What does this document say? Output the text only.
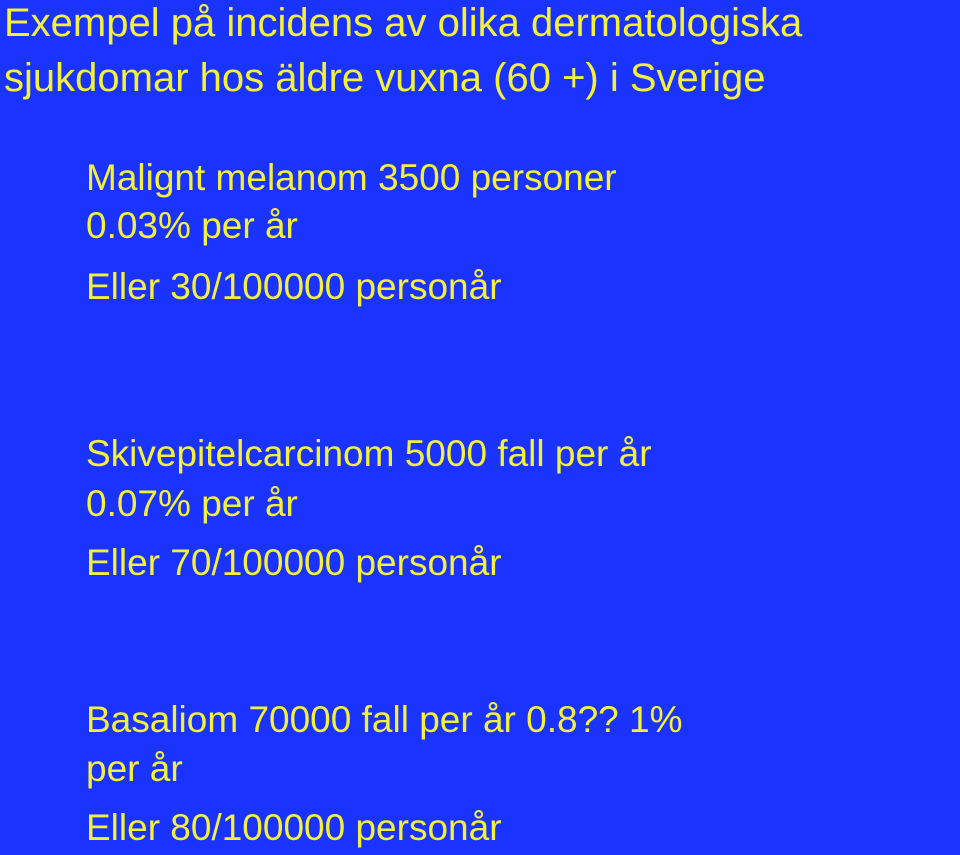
Exempel på incidens av olika dermatologiska
sjukdomar hos äldre vuxna (60 +) i Sverige
Malignt melanom 3500 personer
0.03% per år
Eller 30/100000 personår
Skivepitelcarcinom 5000 fall per år
0.07% per år
Eller 70/100000 personår
Basaliom 70000 fall per år 0.8?? 1%
per år
Eller 80/100000 personår
